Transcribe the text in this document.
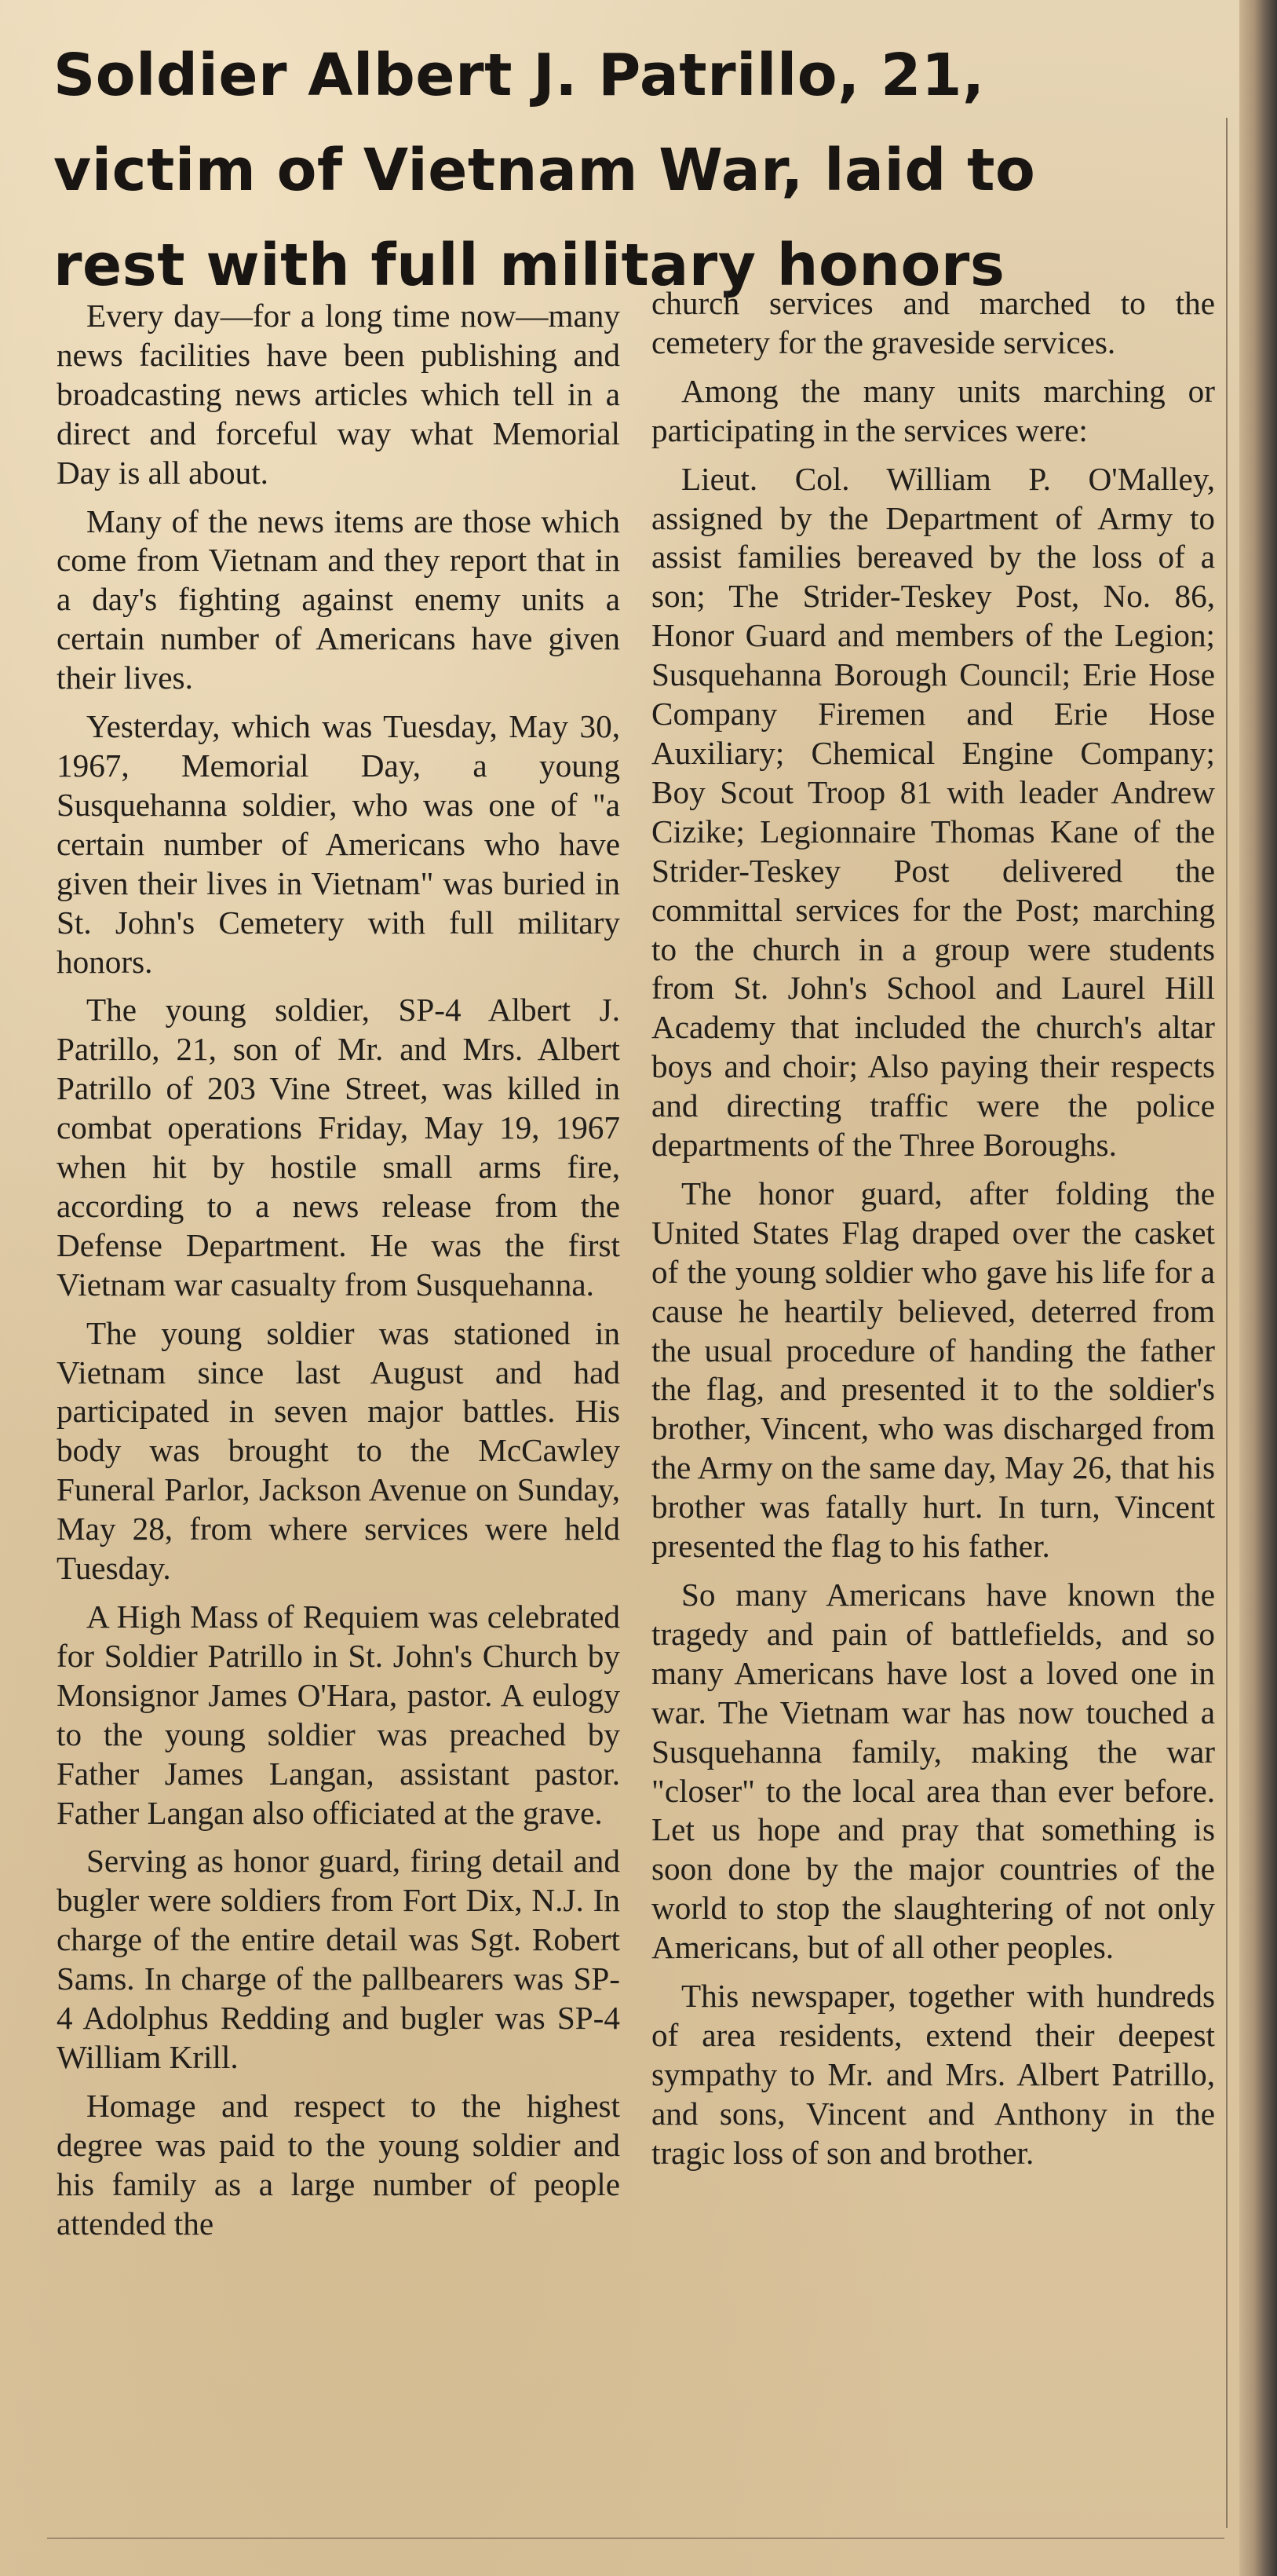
Soldier Albert J. Patrillo, 21, victim of Vietnam War, laid to rest with full military honors

Every day—for a long time now—many news facilities have been publishing and broadcasting news articles which tell in a direct and forceful way what Memorial Day is all about.

Many of the news items are those which come from Vietnam and they report that in a day's fighting against enemy units a certain number of Americans have given their lives.

Yesterday, which was Tuesday, May 30, 1967, Memorial Day, a young Susquehanna soldier, who was one of "a certain number of Americans who have given their lives in Vietnam" was buried in St. John's Cemetery with full military honors.

The young soldier, SP-4 Albert J. Patrillo, 21, son of Mr. and Mrs. Albert Patrillo of 203 Vine Street, was killed in combat operations Friday, May 19, 1967 when hit by hostile small arms fire, according to a news release from the Defense Department. He was the first Vietnam war casualty from Susquehanna.

The young soldier was stationed in Vietnam since last August and had participated in seven major battles. His body was brought to the McCawley Funeral Parlor, Jackson Avenue on Sunday, May 28, from where services were held Tuesday.

A High Mass of Requiem was celebrated for Soldier Patrillo in St. John's Church by Monsignor James O'Hara, pastor. A eulogy to the young soldier was preached by Father James Langan, assistant pastor. Father Langan also officiated at the grave.

Serving as honor guard, firing detail and bugler were soldiers from Fort Dix, N.J. In charge of the entire detail was Sgt. Robert Sams. In charge of the pallbearers was SP-4 Adolphus Redding and bugler was SP-4 William Krill.

Homage and respect to the highest degree was paid to the young soldier and his family as a large number of people attended the

church services and marched to the cemetery for the graveside services.

Among the many units marching or participating in the services were:

Lieut. Col. William P. O'Malley, assigned by the Department of Army to assist families bereaved by the loss of a son; The Strider-Teskey Post, No. 86, Honor Guard and members of the Legion; Susquehanna Borough Council; Erie Hose Company Firemen and Erie Hose Auxiliary; Chemical Engine Company; Boy Scout Troop 81 with leader Andrew Cizike; Legionnaire Thomas Kane of the Strider-Teskey Post delivered the committal services for the Post; marching to the church in a group were students from St. John's School and Laurel Hill Academy that included the church's altar boys and choir; Also paying their respects and directing traffic were the police departments of the Three Boroughs.

The honor guard, after folding the United States Flag draped over the casket of the young soldier who gave his life for a cause he heartily believed, deterred from the usual procedure of handing the father the flag, and presented it to the soldier's brother, Vincent, who was discharged from the Army on the same day, May 26, that his brother was fatally hurt. In turn, Vincent presented the flag to his father.

So many Americans have known the tragedy and pain of battlefields, and so many Americans have lost a loved one in war. The Vietnam war has now touched a Susquehanna family, making the war "closer" to the local area than ever before. Let us hope and pray that something is soon done by the major countries of the world to stop the slaughtering of not only Americans, but of all other peoples.

This newspaper, together with hundreds of area residents, extend their deepest sympathy to Mr. and Mrs. Albert Patrillo, and sons, Vincent and Anthony in the tragic loss of son and brother.
